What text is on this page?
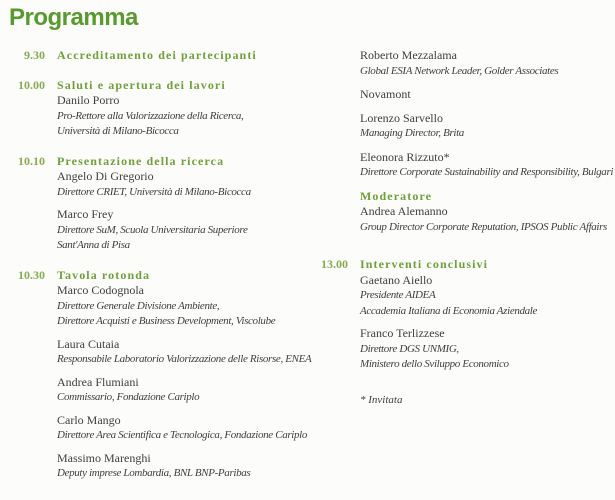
Programma
9.30 Accreditamento dei partecipanti
10.00 Saluti e apertura dei lavori
Danilo Porro
Pro-Rettore alla Valorizzazione della Ricerca,
Università di Milano-Bicocca
10.10 Presentazione della ricerca
Angelo Di Gregorio
Direttore CRIET, Università di Milano-Bicocca
Marco Frey
Direttore SuM, Scuola Universitaria Superiore
Sant'Anna di Pisa
10.30 Tavola rotonda
Marco Codognola
Direttore Generale Divisione Ambiente,
Direttore Acquisti e Business Development, Viscolube
Laura Cutaia
Responsabile Laboratorio Valorizzazione delle Risorse, ENEA
Andrea Flumiani
Commissario, Fondazione Cariplo
Carlo Mango
Direttore Area Scientifica e Tecnologica, Fondazione Cariplo
Massimo Marenghi
Deputy imprese Lombardia, BNL BNP-Paribas
Roberto Mezzalama
Global ESIA Network Leader, Golder Associates
Novamont
Lorenzo Sarvello
Managing Director, Brita
Eleonora Rizzuto*
Direttore Corporate Sustainability and Responsibility, Bulgari
Moderatore
Andrea Alemanno
Group Director Corporate Reputation, IPSOS Public Affairs
13.00 Interventi conclusivi
Gaetano Aiello
Presidente AIDEA
Accademia Italiana di Economia Aziendale
Franco Terlizzese
Direttore DGS UNMIG,
Ministero dello Sviluppo Economico
* Invitata
